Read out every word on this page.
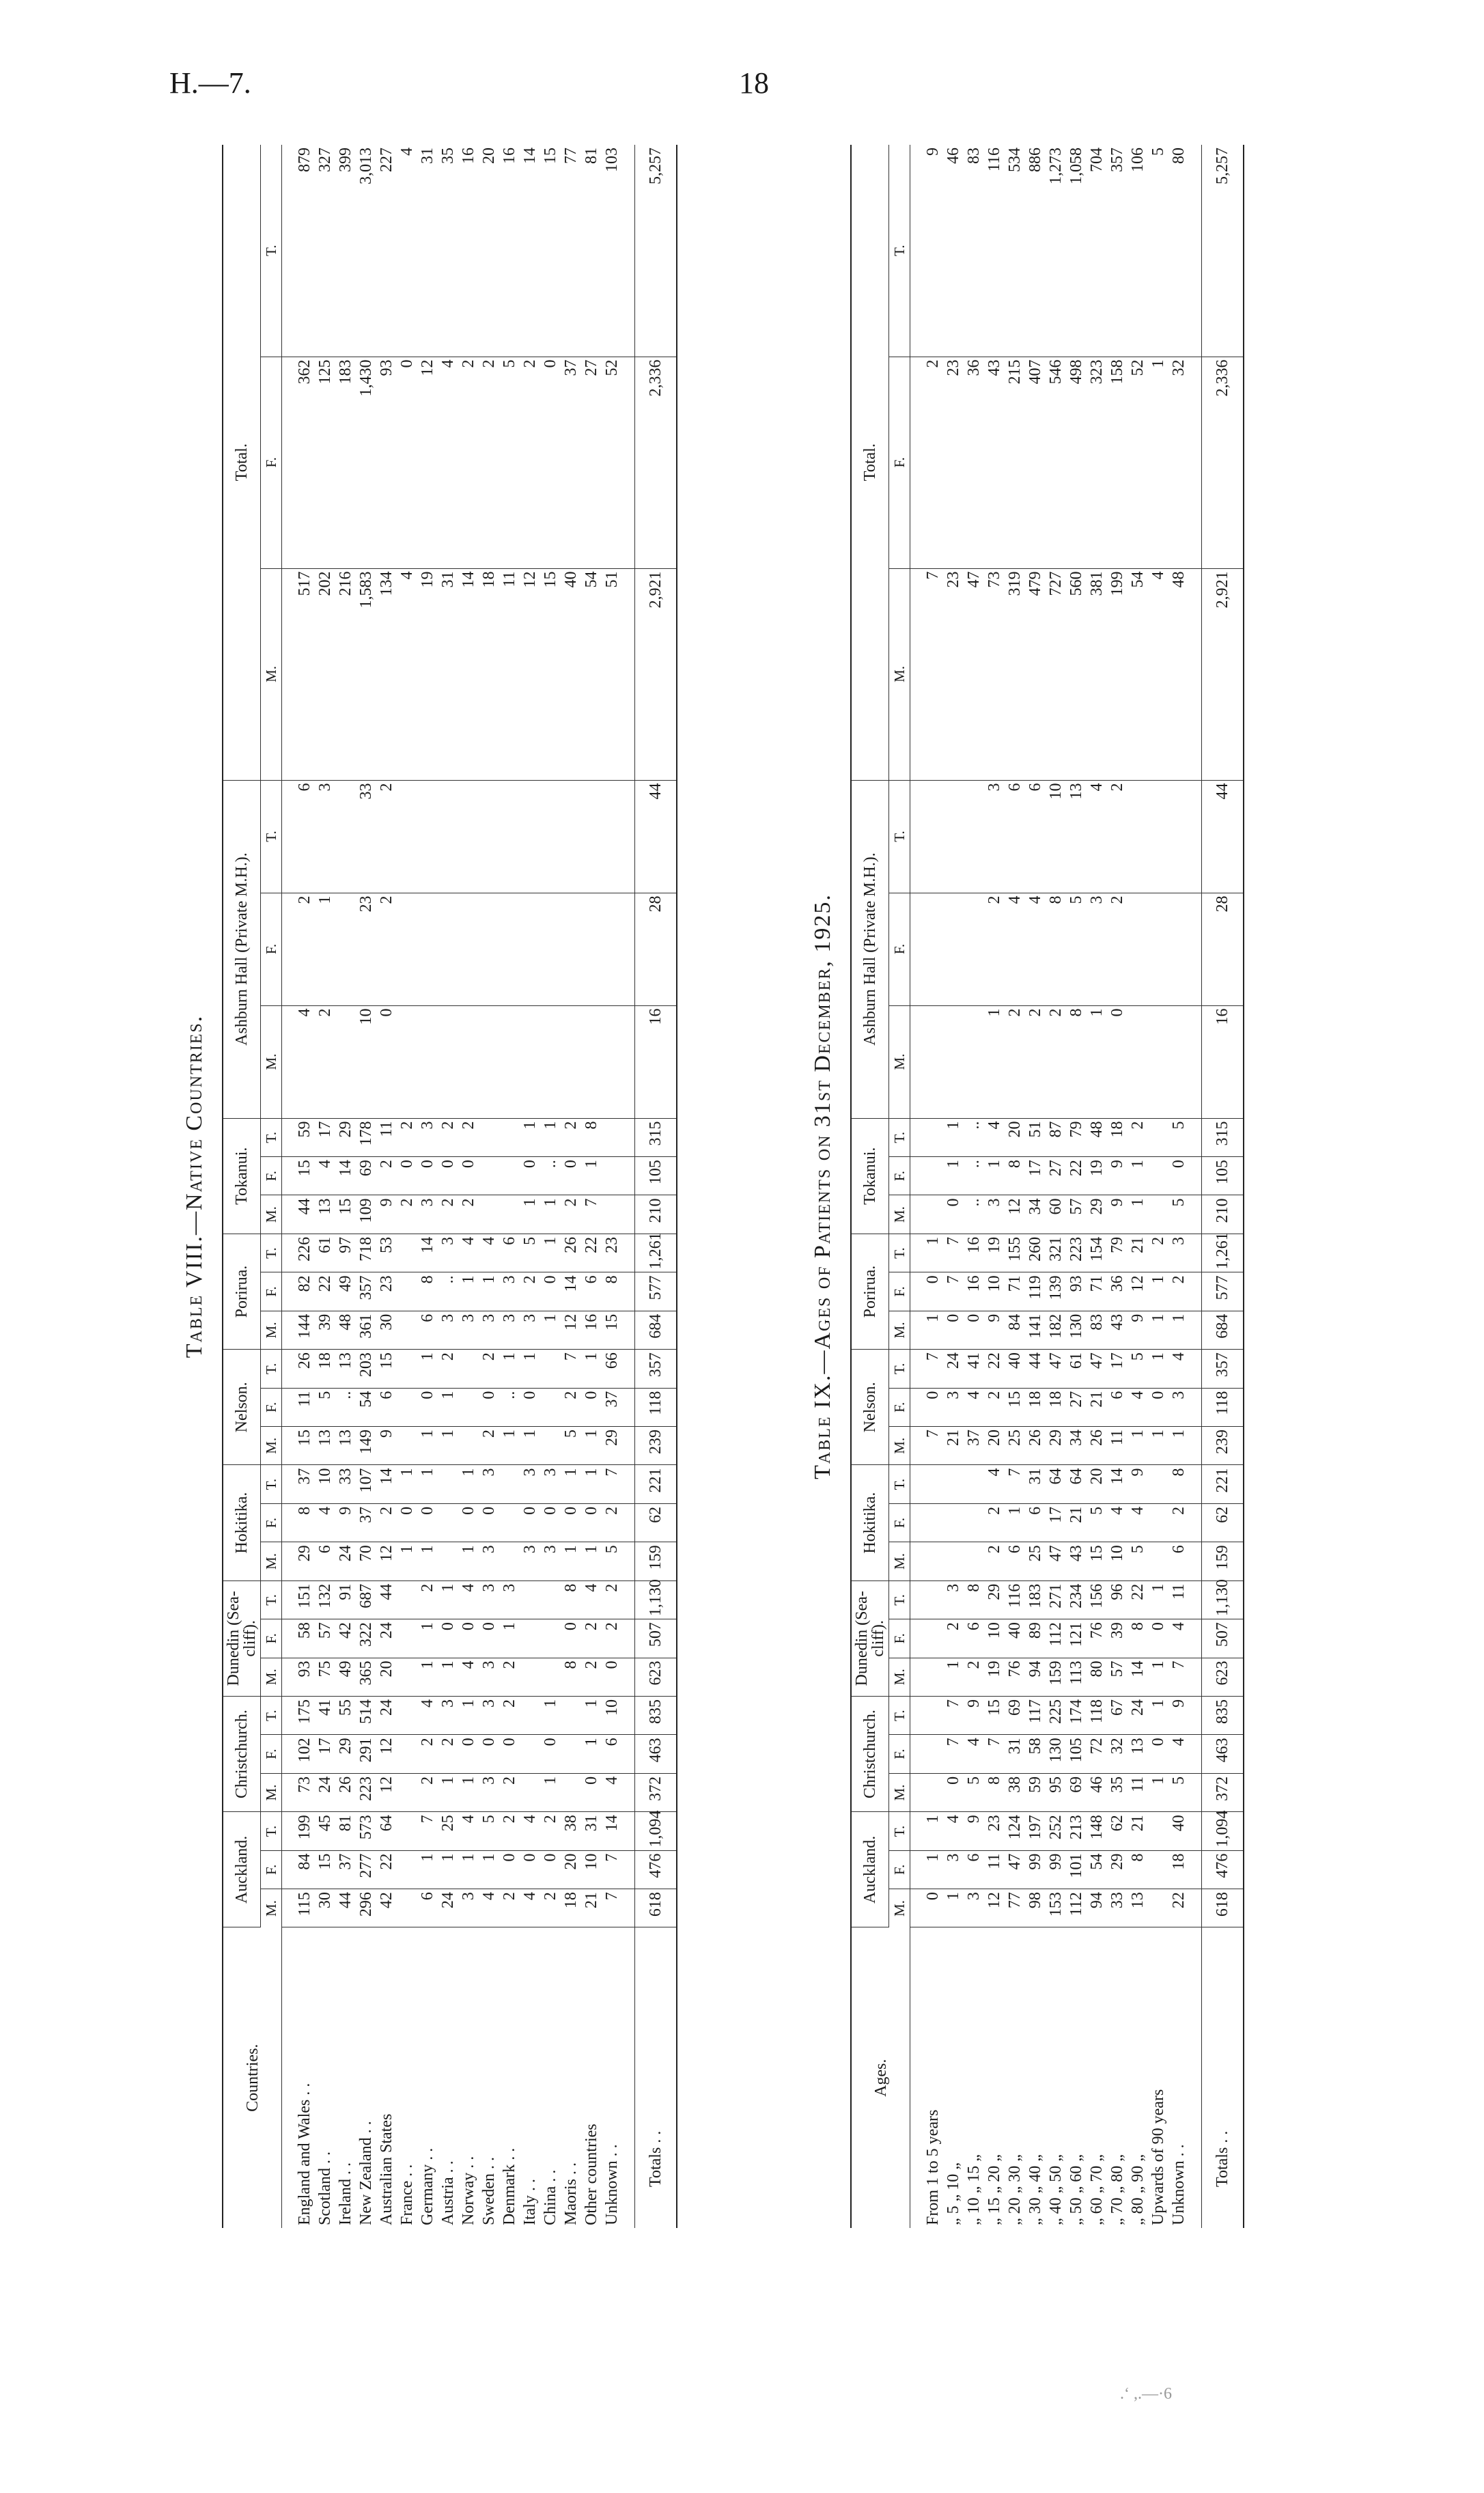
H.—7.	18
Table VIII.—Native Countries.
Countries.	Auckland.			Christchurch.			Dunedin (Sea-cliff).			Hokitika.			Nelson.			Porirua.			Tokanui.			Ashburn Hall (Private M.H.).			Total.		
	M.	F.	T.	M.	F.	T.	M.	F.	T.	M.	F.	T.	M.	F.	T.	M.	F.	T.	M.	F.	T.	M.	F.	T.	M.	F.	T.

England and Wales . .	115	84	199	73	102	175	93	58	151	29	8	37	15	11	26	144	82	226	44	15	59	4	2	6	517	362	879
Scotland . .	30	15	45	24	17	41	75	57	132	6	4	10	13	5	18	39	22	61	13	4	17	2	1	3	202	125	327
Ireland . .	44	37	81	26	29	55	49	42	91	24	9	33	13	..	13	48	49	97	15	14	29				216	183	399
New Zealand . .	296	277	573	223	291	514	365	322	687	70	37	107	149	54	203	361	357	718	109	69	178	10	23	33	1,583	1,430	3,013
Australian States	42	22	64	12	12	24	20	24	44	12	2	14	9	6	15	30	23	53	9	2	11	0	2	2	134	93	227
France . .										1	0	1							2	0	2				4	0	4
Germany . .	6	1	7	2	2	4	1	1	2	1	0	1	1	0	1	6	8	14	3	0	3				19	12	31
Austria . .	24	1	25	1	2	3	1	0	1				1	1	2	3	..	3	2	0	2				31	4	35
Norway . .	3	1	4	1	0	1	4	0	4	1	0	1				3	1	4	2	0	2				14	2	16
Sweden . .	4	1	5	3	0	3	3	0	3	3	0	3	2	0	2	3	1	4							18	2	20
Denmark . .	2	0	2	2	0	2	2	1	3				1	..	1	3	3	6							11	5	16
Italy . .	4	0	4							3	0	3	1	0	1	3	2	5	1	0	1				12	2	14
China . .	2	0	2	1	0	1				3	0	3				1	0	1	1	..	1				15	0	15
Maoris . .	18	20	38				8	0	8	1	0	1	5	2	7	12	14	26	2	0	2				40	37	77
Other countries	21	10	31	0	1	1	2	2	4	1	0	1	1	0	1	16	6	22	7	1	8				54	27	81
Unknown . .	7	7	14	4	6	10	0	2	2	5	2	7	29	37	66	15	8	23							51	52	103

Totals . .	618	476	1,094	372	463	835	623	507	1,130	159	62	221	239	118	357	684	577	1,261	210	105	315	16	28	44	2,921	2,336	5,257
Table IX.—Ages of Patients on 31st December, 1925.
Ages.	Auckland.			Christchurch.			Dunedin (Sea-cliff).			Hokitika.			Nelson.			Porirua.			Tokanui.			Ashburn Hall (Private M.H.).			Total.		
	M.	F.	T.	M.	F.	T.	M.	F.	T.	M.	F.	T.	M.	F.	T.	M.	F.	T.	M.	F.	T.	M.	F.	T.	M.	F.	T.

From 1 to 5 years	0	1	1										7	0	7	1	0	1							7	2	9
„ 5 „ 10 „	1	3	4	0	7	7	1	2	3				21	3	24	0	7	7	0	1	1				23	23	46
„ 10 „ 15 „	3	6	9	5	4	9	2	6	8				37	4	41	0	16	16	..	..	..				47	36	83
„ 15 „ 20 „	12	11	23	8	7	15	19	10	29	2	2	4	20	2	22	9	10	19	3	1	4	1	2	3	73	43	116
„ 20 „ 30 „	77	47	124	38	31	69	76	40	116	6	1	7	25	15	40	84	71	155	12	8	20	2	4	6	319	215	534
„ 30 „ 40 „	98	99	197	59	58	117	94	89	183	25	6	31	26	18	44	141	119	260	34	17	51	2	4	6	479	407	886
„ 40 „ 50 „	153	99	252	95	130	225	159	112	271	47	17	64	29	18	47	182	139	321	60	27	87	2	8	10	727	546	1,273
„ 50 „ 60 „	112	101	213	69	105	174	113	121	234	43	21	64	34	27	61	130	93	223	57	22	79	8	5	13	560	498	1,058
„ 60 „ 70 „	94	54	148	46	72	118	80	76	156	15	5	20	26	21	47	83	71	154	29	19	48	1	3	4	381	323	704
„ 70 „ 80 „	33	29	62	35	32	67	57	39	96	10	4	14	11	6	17	43	36	79	9	9	18	0	2	2	199	158	357
„ 80 „ 90 „	13	8	21	11	13	24	14	8	22	5	4	9	1	4	5	9	12	21	1	1	2				54	52	106
Upwards of 90 years				1	0	1	1	0	1				1	0	1	1	1	2							4	1	5
Unknown . .	22	18	40	5	4	9	7	4	11	6	2	8	1	3	4	1	2	3	5	0	5				48	32	80

Totals . .	618	476	1,094	372	463	835	623	507	1,130	159	62	221	239	118	357	684	577	1,261	210	105	315	16	28	44	2,921	2,336	5,257
.ʻ ,.—·6
